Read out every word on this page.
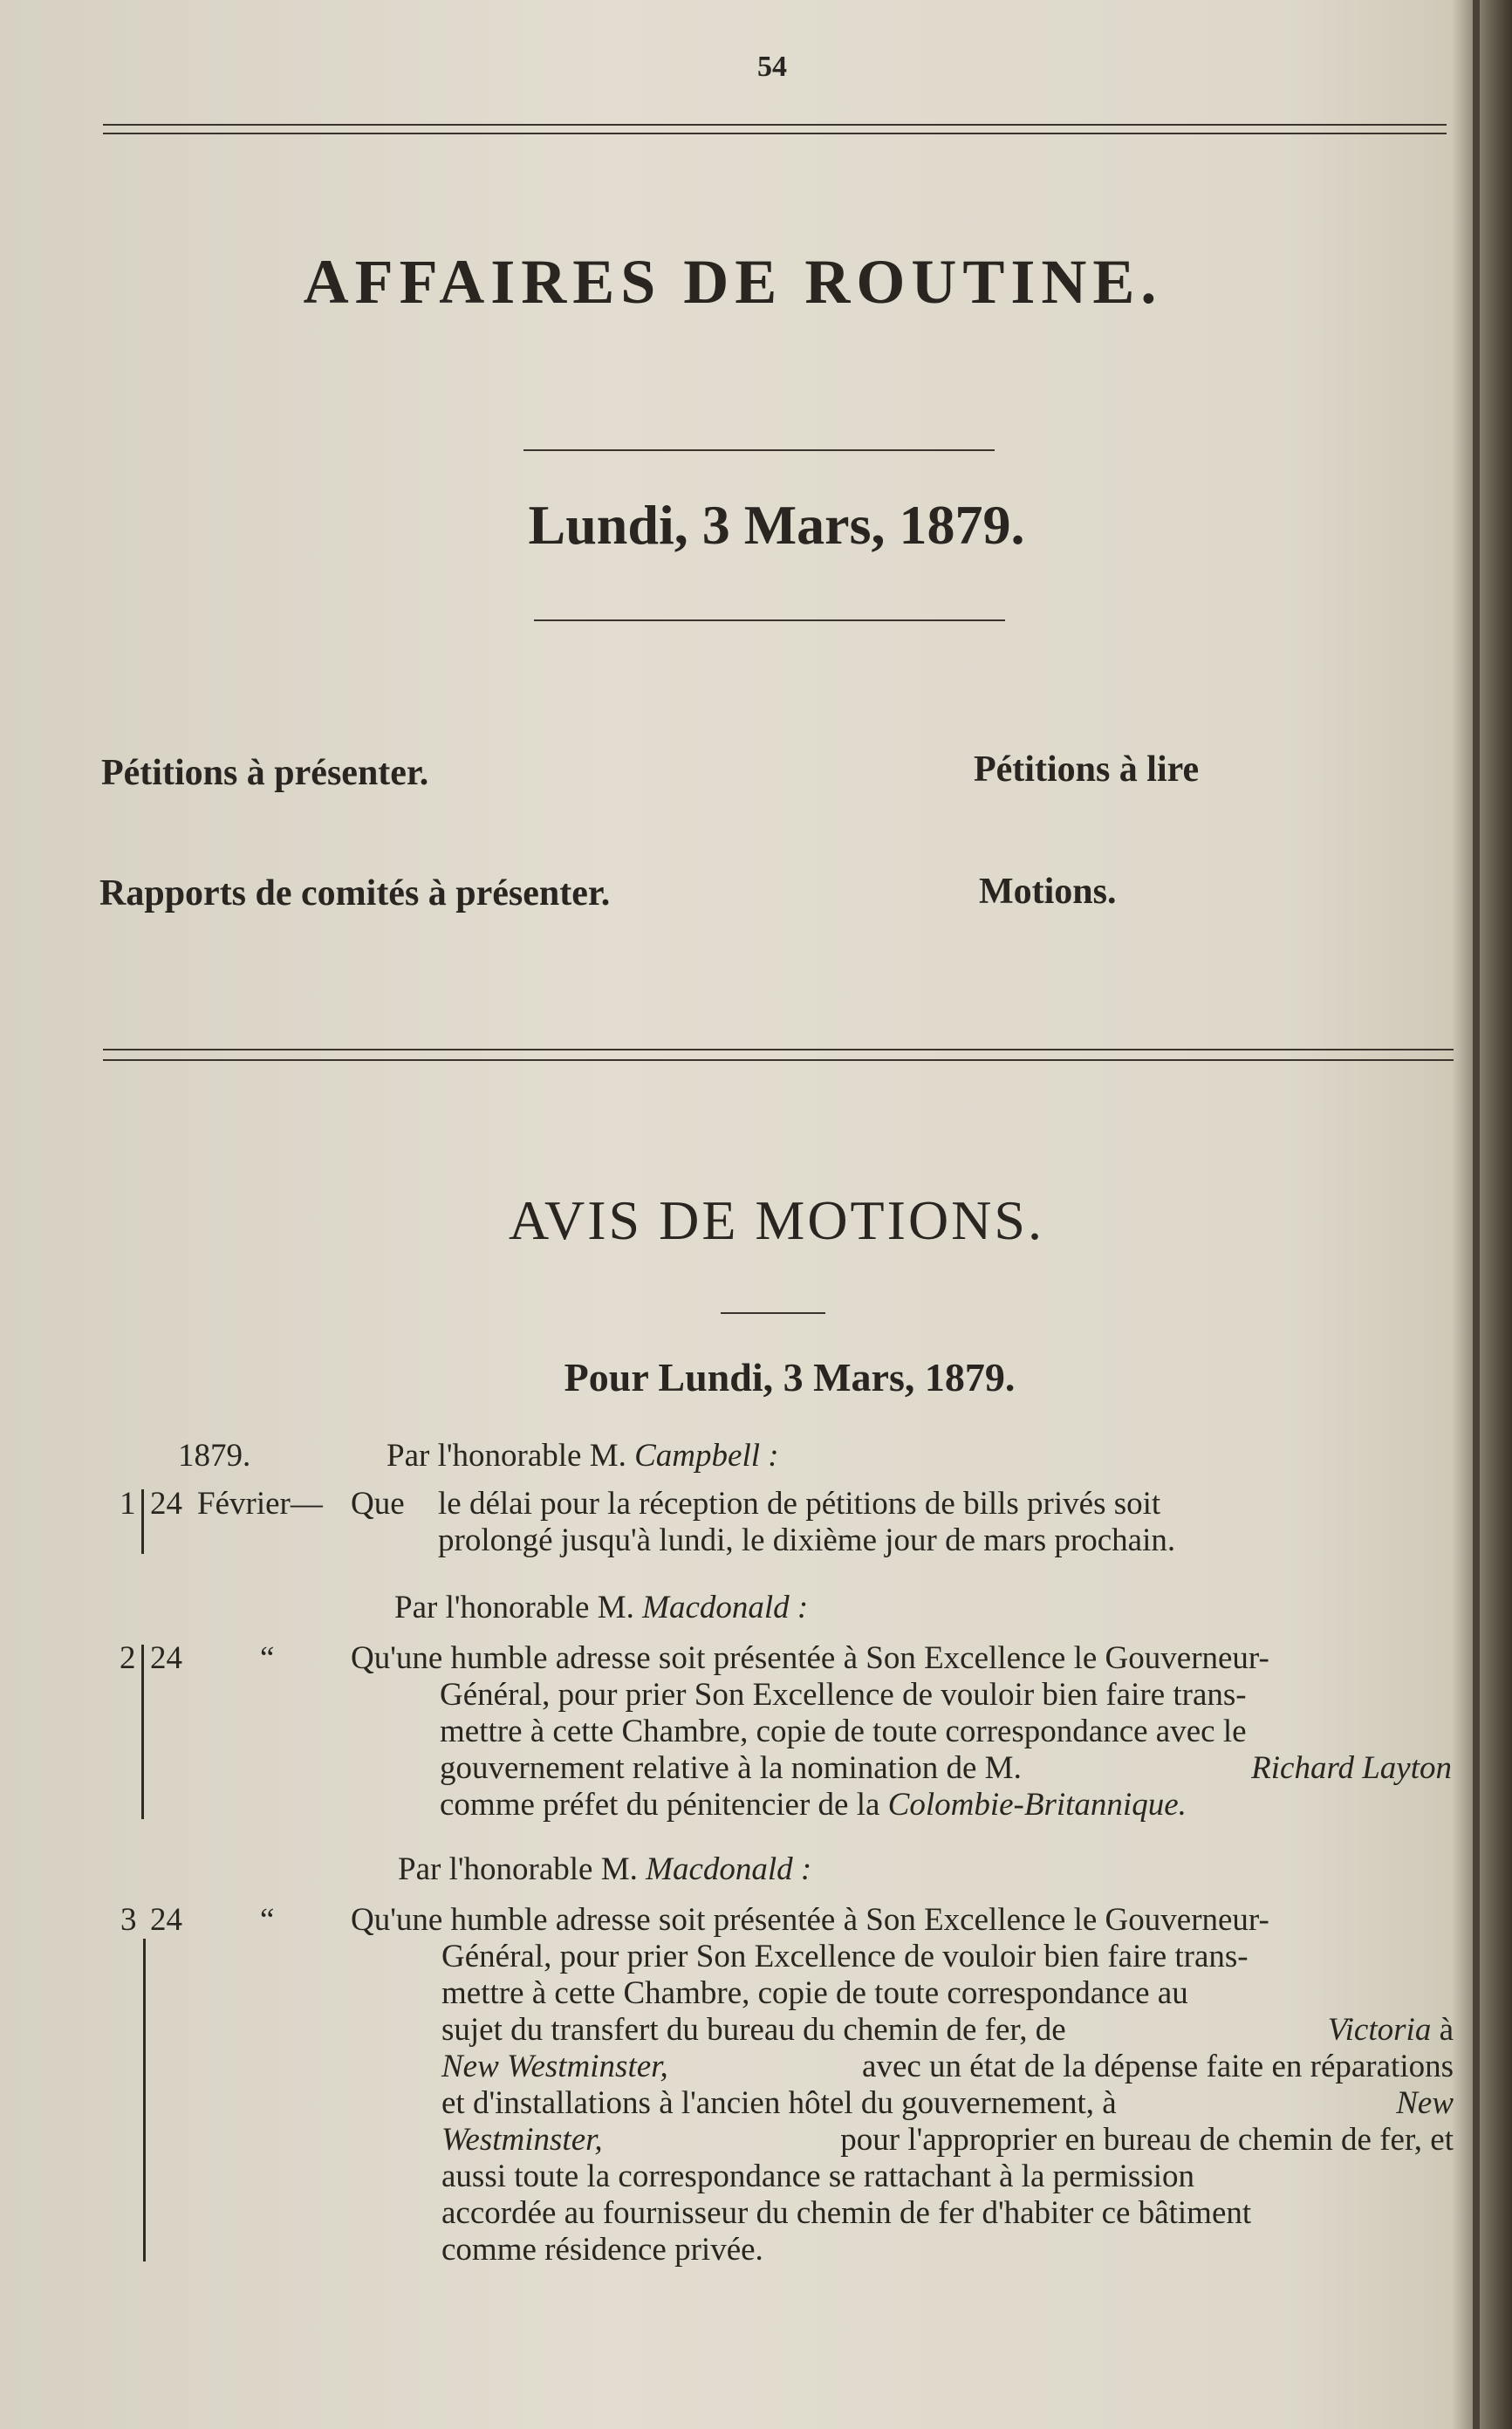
54
AFFAIRES DE ROUTINE.
Lundi, 3 Mars, 1879.
Pétitions à présenter.	Pétitions à lire
Rapports de comités à présenter.	Motions.
AVIS DE MOTIONS.
Pour Lundi, 3 Mars, 1879.
1879.	Par l'honorable M. Campbell :
1 24 Février— Que le délai pour la réception de pétitions de bills privés soit
prolongé jusqu'à lundi, le dixième jour de mars prochain.
Par l'honorable M. Macdonald :
2 24 “ Qu'une humble adresse soit présentée à Son Excellence le Gouverneur-
Général, pour prier Son Excellence de vouloir bien faire trans-
mettre à cette Chambre, copie de toute correspondance avec le
gouvernement relative à la nomination de M.	Richard Layton
comme préfet du pénitencier de la Colombie-Britannique.
Par l'honorable M. Macdonald :
3 24 “ Qu'une humble adresse soit présentée à Son Excellence le Gouverneur-
Général, pour prier Son Excellence de vouloir bien faire trans-
mettre à cette Chambre, copie de toute correspondance au
sujet du transfert du bureau du chemin de fer, de	Victoria à
New Westminster,	avec un état de la dépense faite en réparations
et d'installations à l'ancien hôtel du gouvernement, à	New
Westminster,	pour l'approprier en bureau de chemin de fer, et
aussi toute la correspondance se rattachant à la permission
accordée au fournisseur du chemin de fer d'habiter ce bâtiment
comme résidence privée.
